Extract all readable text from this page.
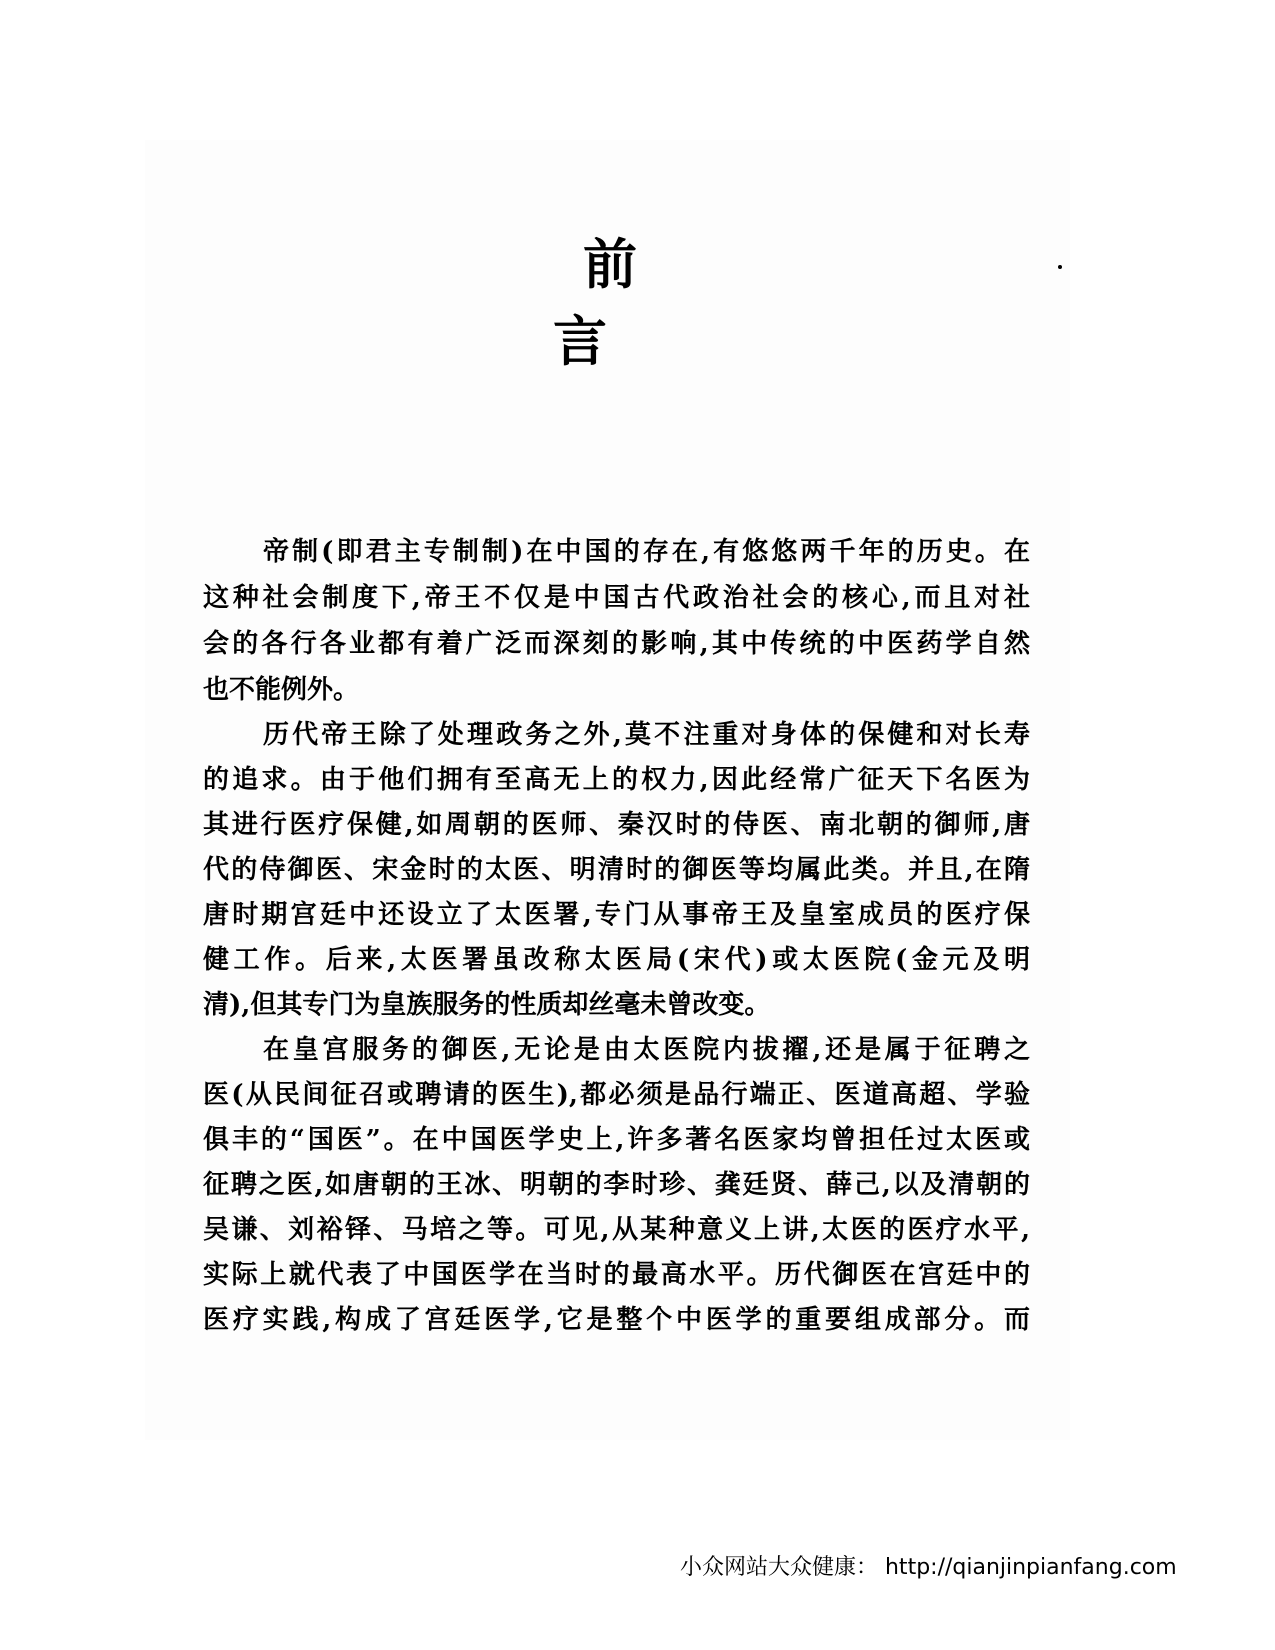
前 言
帝制(即君主专制制)在中国的存在,有悠悠两千年的历史。在
这种社会制度下,帝王不仅是中国古代政治社会的核心,而且对社
会的各行各业都有着广泛而深刻的影响,其中传统的中医药学自然
也不能例外。
历代帝王除了处理政务之外,莫不注重对身体的保健和对长寿
的追求。由于他们拥有至高无上的权力,因此经常广征天下名医为
其进行医疗保健,如周朝的医师、秦汉时的侍医、南北朝的御师,唐
代的侍御医、宋金时的太医、明清时的御医等均属此类。并且,在隋
唐时期宫廷中还设立了太医署,专门从事帝王及皇室成员的医疗保
健工作。后来,太医署虽改称太医局(宋代)或太医院(金元及明
清),但其专门为皇族服务的性质却丝毫未曾改变。
在皇宫服务的御医,无论是由太医院内拔擢,还是属于征聘之
医(从民间征召或聘请的医生),都必须是品行端正、医道高超、学验
俱丰的“国医”。在中国医学史上,许多著名医家均曾担任过太医或
征聘之医,如唐朝的王冰、明朝的李时珍、龚廷贤、薛己,以及清朝的
吴谦、刘裕铎、马培之等。可见,从某种意义上讲,太医的医疗水平,
实际上就代表了中国医学在当时的最高水平。历代御医在宫廷中的
医疗实践,构成了宫廷医学,它是整个中医学的重要组成部分。而
小众网站大众健康： http://qianjinpianfang.com
